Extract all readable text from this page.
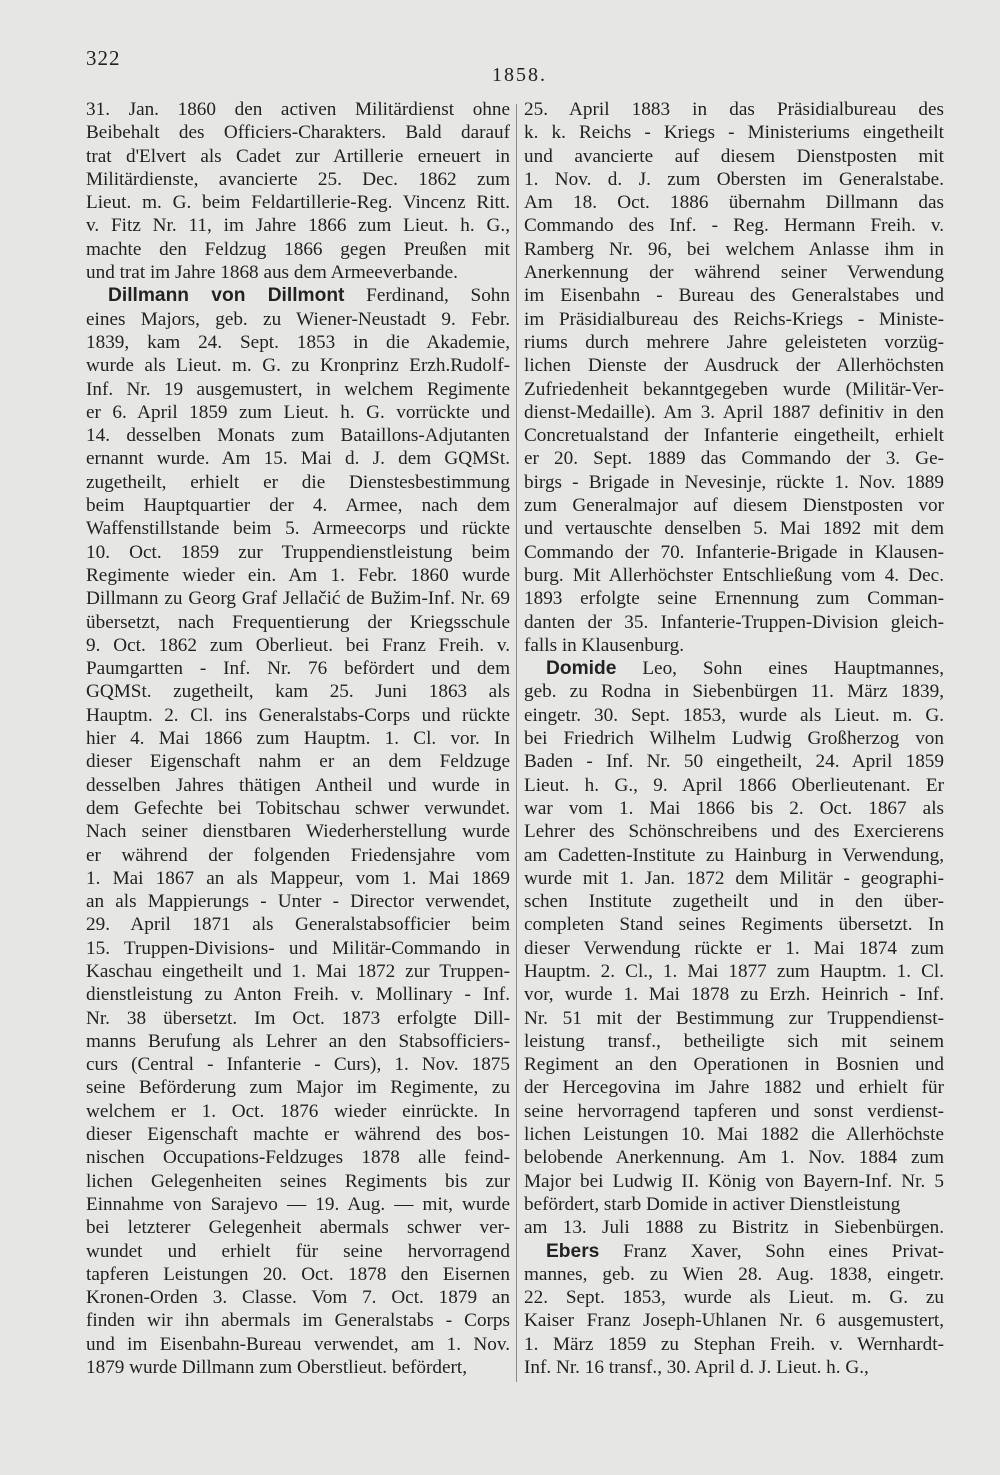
322
1858.
31. Jan. 1860 den activen Militärdienst ohne
Beibehalt des Officiers-Charakters. Bald darauf
trat d'Elvert als Cadet zur Artillerie erneuert in
Militärdienste, avancierte 25. Dec. 1862 zum
Lieut. m. G. beim Feldartillerie-Reg. Vincenz Ritt.
v. Fitz Nr. 11, im Jahre 1866 zum Lieut. h. G.,
machte den Feldzug 1866 gegen Preußen mit
und trat im Jahre 1868 aus dem Armeeverbande.
Dillmann von Dillmont Ferdinand, Sohn
eines Majors, geb. zu Wiener-Neustadt 9. Febr.
1839, kam 24. Sept. 1853 in die Akademie,
wurde als Lieut. m. G. zu Kronprinz Erzh.Rudolf-
Inf. Nr. 19 ausgemustert, in welchem Regimente
er 6. April 1859 zum Lieut. h. G. vorrückte und
14. desselben Monats zum Bataillons-Adjutanten
ernannt wurde. Am 15. Mai d. J. dem GQMSt.
zugetheilt, erhielt er die Dienstesbestimmung
beim Hauptquartier der 4. Armee, nach dem
Waffenstillstande beim 5. Armeecorps und rückte
10. Oct. 1859 zur Truppendienstleistung beim
Regimente wieder ein. Am 1. Febr. 1860 wurde
Dillmann zu Georg Graf Jellačić de Bužim-Inf. Nr. 69
übersetzt, nach Frequentierung der Kriegsschule
9. Oct. 1862 zum Oberlieut. bei Franz Freih. v.
Paumgartten - Inf. Nr. 76 befördert und dem
GQMSt. zugetheilt, kam 25. Juni 1863 als
Hauptm. 2. Cl. ins Generalstabs-Corps und rückte
hier 4. Mai 1866 zum Hauptm. 1. Cl. vor. In
dieser Eigenschaft nahm er an dem Feldzuge
desselben Jahres thätigen Antheil und wurde in
dem Gefechte bei Tobitschau schwer verwundet.
Nach seiner dienstbaren Wiederherstellung wurde
er während der folgenden Friedensjahre vom
1. Mai 1867 an als Mappeur, vom 1. Mai 1869
an als Mappierungs - Unter - Director verwendet,
29. April 1871 als Generalstabsofficier beim
15. Truppen-Divisions- und Militär-Commando in
Kaschau eingetheilt und 1. Mai 1872 zur Truppen-
dienstleistung zu Anton Freih. v. Mollinary - Inf.
Nr. 38 übersetzt. Im Oct. 1873 erfolgte Dill-
manns Berufung als Lehrer an den Stabsofficiers-
curs (Central - Infanterie - Curs), 1. Nov. 1875
seine Beförderung zum Major im Regimente, zu
welchem er 1. Oct. 1876 wieder einrückte. In
dieser Eigenschaft machte er während des bos-
nischen Occupations-Feldzuges 1878 alle feind-
lichen Gelegenheiten seines Regiments bis zur
Einnahme von Sarajevo — 19. Aug. — mit, wurde
bei letzterer Gelegenheit abermals schwer ver-
wundet und erhielt für seine hervorragend
tapferen Leistungen 20. Oct. 1878 den Eisernen
Kronen-Orden 3. Classe. Vom 7. Oct. 1879 an
finden wir ihn abermals im Generalstabs - Corps
und im Eisenbahn-Bureau verwendet, am 1. Nov.
1879 wurde Dillmann zum Oberstlieut. befördert,
25. April 1883 in das Präsidialbureau des
k. k. Reichs - Kriegs - Ministeriums eingetheilt
und avancierte auf diesem Dienstposten mit
1. Nov. d. J. zum Obersten im Generalstabe.
Am 18. Oct. 1886 übernahm Dillmann das
Commando des Inf. - Reg. Hermann Freih. v.
Ramberg Nr. 96, bei welchem Anlasse ihm in
Anerkennung der während seiner Verwendung
im Eisenbahn - Bureau des Generalstabes und
im Präsidialbureau des Reichs-Kriegs - Ministe-
riums durch mehrere Jahre geleisteten vorzüg-
lichen Dienste der Ausdruck der Allerhöchsten
Zufriedenheit bekanntgegeben wurde (Militär-Ver-
dienst-Medaille). Am 3. April 1887 definitiv in den
Concretualstand der Infanterie eingetheilt, erhielt
er 20. Sept. 1889 das Commando der 3. Ge-
birgs - Brigade in Nevesinje, rückte 1. Nov. 1889
zum Generalmajor auf diesem Dienstposten vor
und vertauschte denselben 5. Mai 1892 mit dem
Commando der 70. Infanterie-Brigade in Klausen-
burg. Mit Allerhöchster Entschließung vom 4. Dec.
1893 erfolgte seine Ernennung zum Comman-
danten der 35. Infanterie-Truppen-Division gleich-
falls in Klausenburg.
Domide Leo, Sohn eines Hauptmannes,
geb. zu Rodna in Siebenbürgen 11. März 1839,
eingetr. 30. Sept. 1853, wurde als Lieut. m. G.
bei Friedrich Wilhelm Ludwig Großherzog von
Baden - Inf. Nr. 50 eingetheilt, 24. April 1859
Lieut. h. G., 9. April 1866 Oberlieutenant. Er
war vom 1. Mai 1866 bis 2. Oct. 1867 als
Lehrer des Schönschreibens und des Exercierens
am Cadetten-Institute zu Hainburg in Verwendung,
wurde mit 1. Jan. 1872 dem Militär - geographi-
schen Institute zugetheilt und in den über-
completen Stand seines Regiments übersetzt. In
dieser Verwendung rückte er 1. Mai 1874 zum
Hauptm. 2. Cl., 1. Mai 1877 zum Hauptm. 1. Cl.
vor, wurde 1. Mai 1878 zu Erzh. Heinrich - Inf.
Nr. 51 mit der Bestimmung zur Truppendienst-
leistung transf., betheiligte sich mit seinem
Regiment an den Operationen in Bosnien und
der Hercegovina im Jahre 1882 und erhielt für
seine hervorragend tapferen und sonst verdienst-
lichen Leistungen 10. Mai 1882 die Allerhöchste
belobende Anerkennung. Am 1. Nov. 1884 zum
Major bei Ludwig II. König von Bayern-Inf. Nr. 5
befördert, starb Domide in activer Dienstleistung
am 13. Juli 1888 zu Bistritz in Siebenbürgen.
Ebers Franz Xaver, Sohn eines Privat-
mannes, geb. zu Wien 28. Aug. 1838, eingetr.
22. Sept. 1853, wurde als Lieut. m. G. zu
Kaiser Franz Joseph-Uhlanen Nr. 6 ausgemustert,
1. März 1859 zu Stephan Freih. v. Wernhardt-
Inf. Nr. 16 transf., 30. April d. J. Lieut. h. G.,
